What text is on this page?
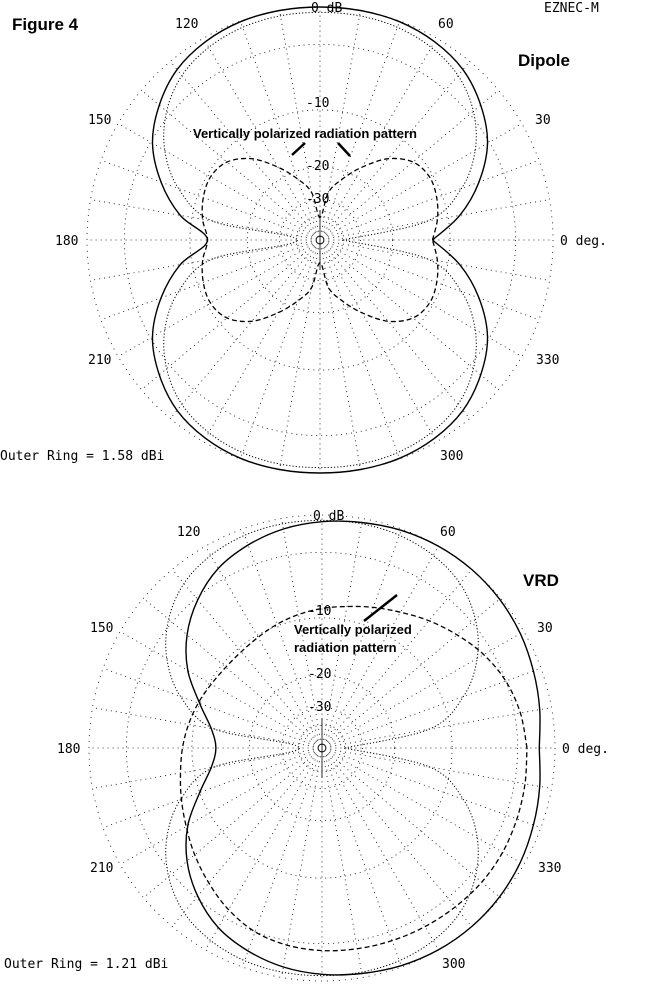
Figure 4
EZNEC-M
Dipole
0 deg.
30
60
120
150
180
210
300
330
0 dB
-10
-20
-30
Outer Ring = 1.58 dBi
Vertically polarized radiation pattern
VRD
0 deg.
30
60
120
150
180
210
300
330
0 dB
-10
-20
-30
Outer Ring = 1.21 dBi
Vertically polarized
radiation pattern
